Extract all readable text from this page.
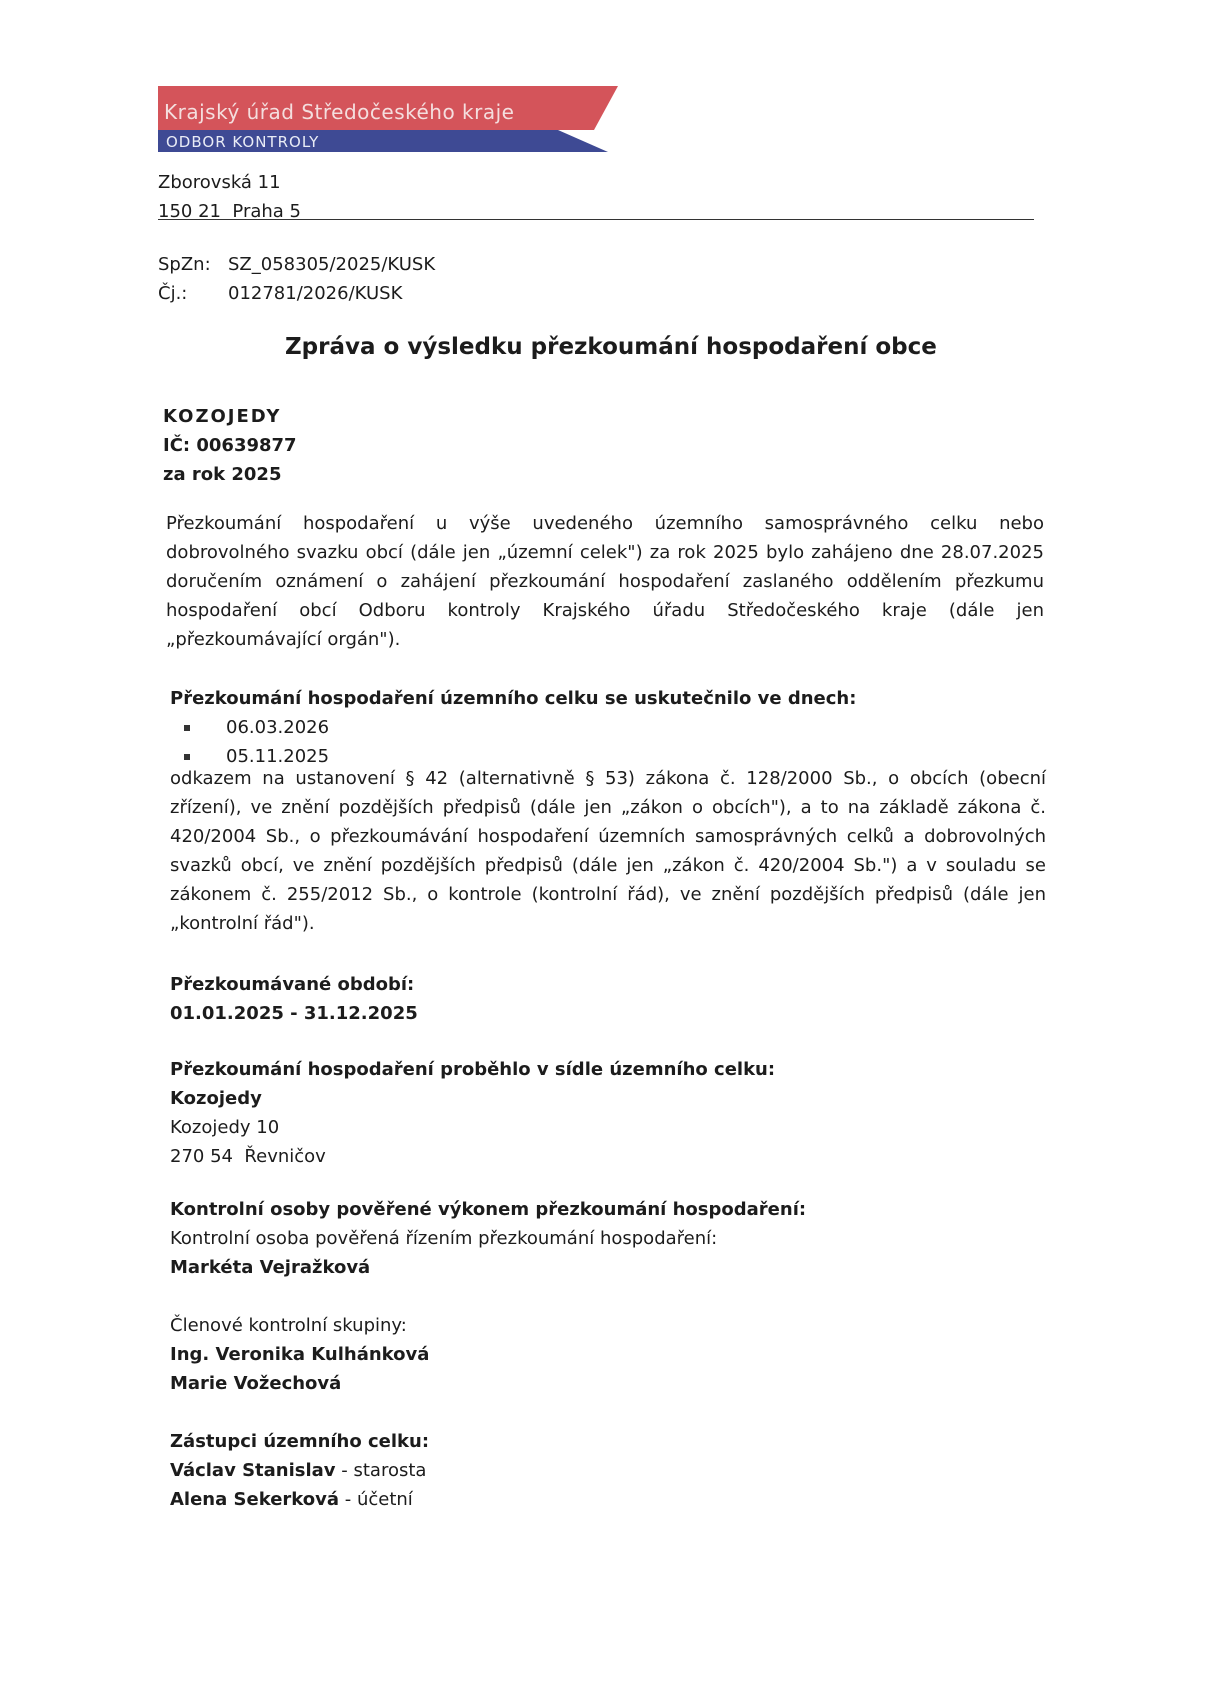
Krajský úřad Středočeského kraje
ODBOR KONTROLY
Zborovská 11
150 21  Praha 5
SpZn: SZ_058305/2025/KUSK
Čj.: 012781/2026/KUSK
Zpráva o výsledku přezkoumání hospodaření obce
KOZOJEDY
IČ: 00639877
za rok 2025
Přezkoumání hospodaření u výše uvedeného územního samosprávného celku nebo dobrovolného svazku obcí (dále jen „územní celek") za rok 2025 bylo zahájeno dne 28.07.2025 doručením oznámení o zahájení přezkoumání hospodaření zaslaného oddělením přezkumu hospodaření obcí Odboru kontroly Krajského úřadu Středočeského kraje (dále jen „přezkoumávající orgán").
Přezkoumání hospodaření územního celku se uskutečnilo ve dnech:
06.03.2026
05.11.2025
odkazem na ustanovení § 42 (alternativně § 53) zákona č. 128/2000 Sb., o obcích (obecní zřízení), ve znění pozdějších předpisů (dále jen „zákon o obcích"), a to na základě zákona č. 420/2004 Sb., o přezkoumávání hospodaření územních samosprávných celků a dobrovolných svazků obcí, ve znění pozdějších předpisů (dále jen „zákon č. 420/2004 Sb.") a v souladu se zákonem č. 255/2012 Sb., o kontrole (kontrolní řád), ve znění pozdějších předpisů (dále jen „kontrolní řád").
Přezkoumávané období:
01.01.2025 - 31.12.2025
Přezkoumání hospodaření proběhlo v sídle územního celku:
Kozojedy
Kozojedy 10
270 54  Řevničov
Kontrolní osoby pověřené výkonem přezkoumání hospodaření:
Kontrolní osoba pověřená řízením přezkoumání hospodaření:
Markéta Vejražková
Členové kontrolní skupiny:
Ing. Veronika Kulhánková
Marie Vožechová
Zástupci územního celku:
Václav Stanislav - starosta
Alena Sekerková - účetní
